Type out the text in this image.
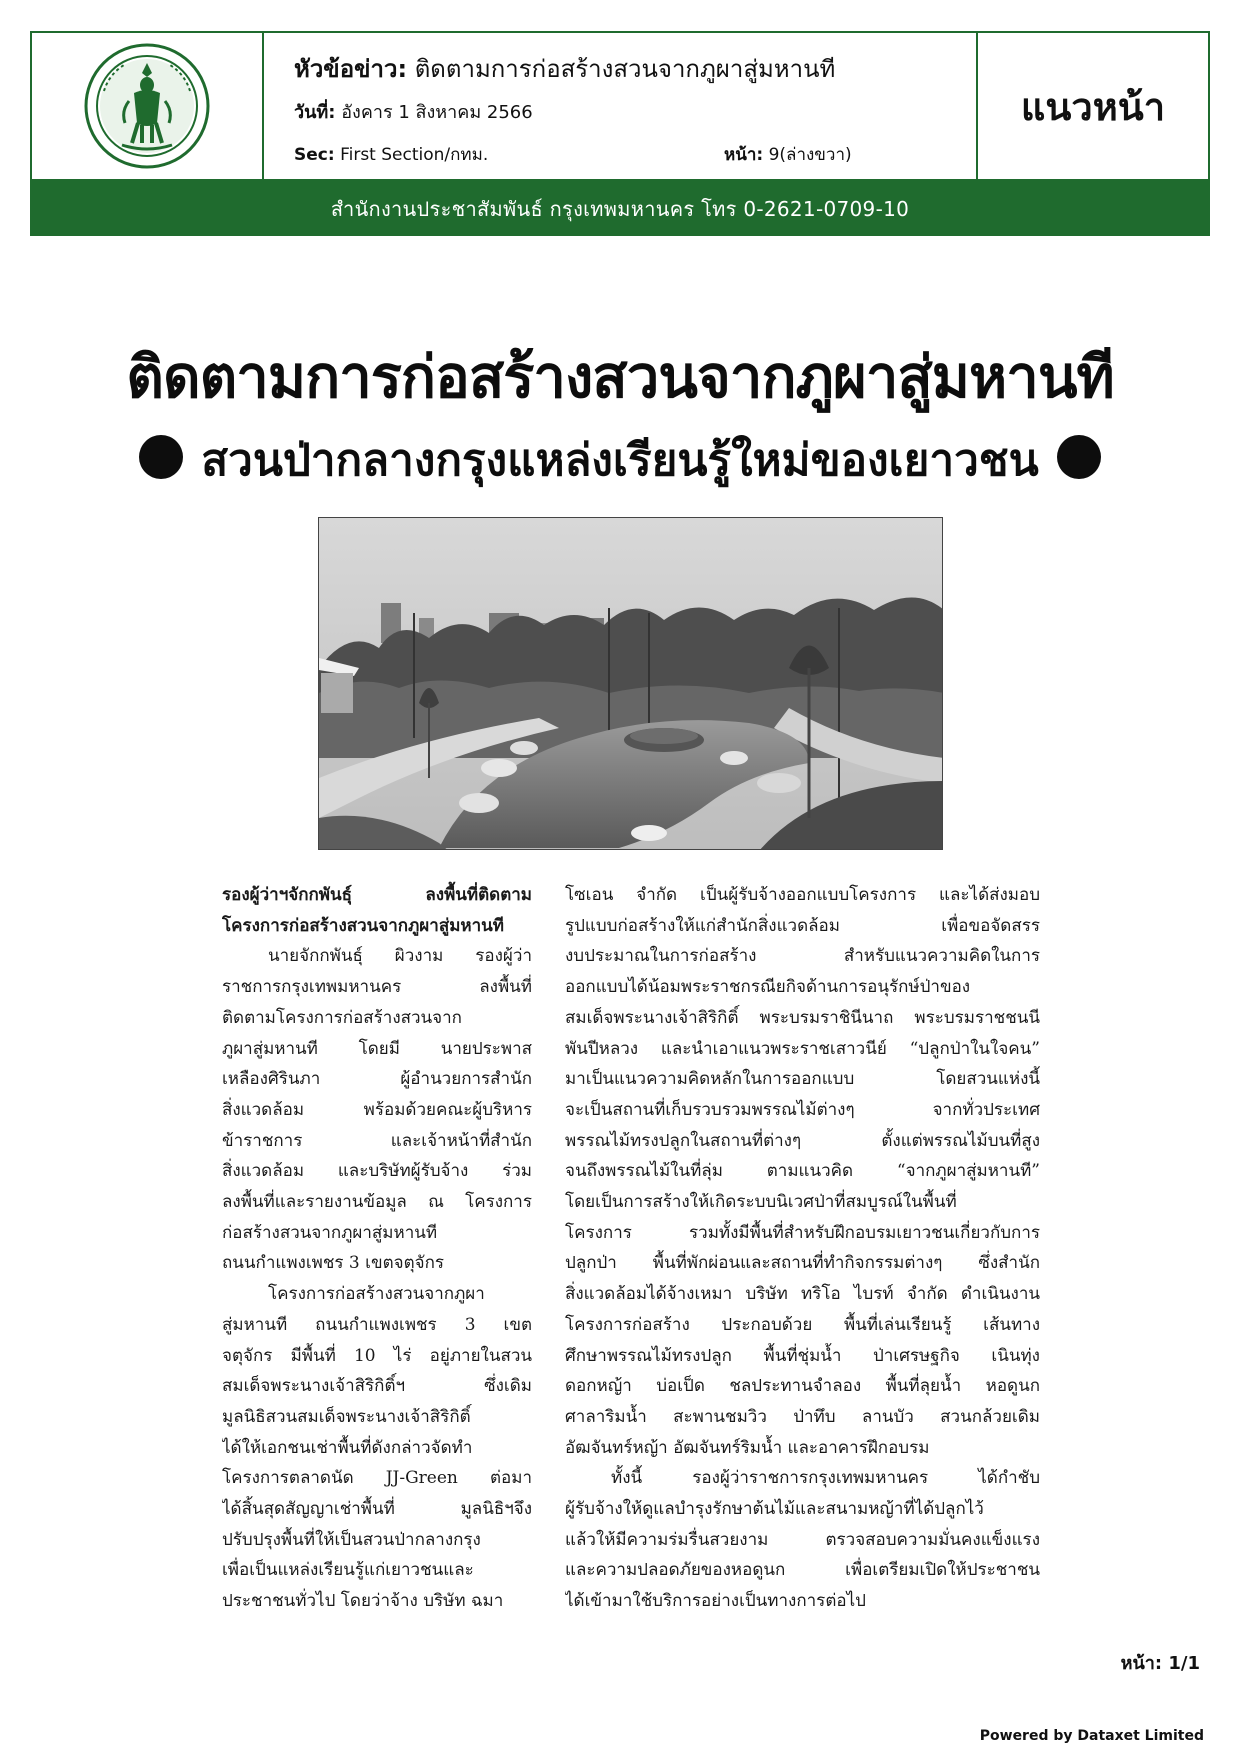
หัวข้อข่าว: ติดตามการก่อสร้างสวนจากภูผาสู่มหานที
วันที่: อังคาร 1 สิงหาคม 2566
Sec: First Section/กทม.	หน้า: 9(ล่างขวา)
แนวหน้า
สำนักงานประชาสัมพันธ์ กรุงเทพมหานคร โทร 0-2621-0709-10
ติดตามการก่อสร้างสวนจากภูผาสู่มหานที
สวนป่ากลางกรุงแหล่งเรียนรู้ใหม่ของเยาวชน
รองผู้ว่าฯจักกพันธุ์ ลงพื้นที่ติดตาม
โครงการก่อสร้างสวนจากภูผาสู่มหานที
นายจักกพันธุ์ ผิวงาม รองผู้ว่า
ราชการกรุงเทพมหานคร ลงพื้นที่
ติดตามโครงการก่อสร้างสวนจาก
ภูผาสู่มหานที โดยมี นายประพาส
เหลืองศิรินภา ผู้อำนวยการสำนัก
สิ่งแวดล้อม พร้อมด้วยคณะผู้บริหาร
ข้าราชการ และเจ้าหน้าที่สำนัก
สิ่งแวดล้อม และบริษัทผู้รับจ้าง ร่วม
ลงพื้นที่และรายงานข้อมูล ณ โครงการ
ก่อสร้างสวนจากภูผาสู่มหานที
ถนนกำแพงเพชร 3 เขตจตุจักร
โครงการก่อสร้างสวนจากภูผา
สู่มหานที ถนนกำแพงเพชร 3 เขต
จตุจักร มีพื้นที่ 10 ไร่ อยู่ภายในสวน
สมเด็จพระนางเจ้าสิริกิติ์ฯ ซึ่งเดิม
มูลนิธิสวนสมเด็จพระนางเจ้าสิริกิติ์
ได้ให้เอกชนเช่าพื้นที่ดังกล่าวจัดทำ
โครงการตลาดนัด JJ-Green ต่อมา
ได้สิ้นสุดสัญญาเช่าพื้นที่ มูลนิธิฯจึง
ปรับปรุงพื้นที่ให้เป็นสวนป่ากลางกรุง
เพื่อเป็นแหล่งเรียนรู้แก่เยาวชนและ
ประชาชนทั่วไป โดยว่าจ้าง บริษัท ฉมา
โซเอน จำกัด เป็นผู้รับจ้างออกแบบโครงการ และได้ส่งมอบ
รูปแบบก่อสร้างให้แก่สำนักสิ่งแวดล้อม เพื่อขอจัดสรร
งบประมาณในการก่อสร้าง สำหรับแนวความคิดในการ
ออกแบบได้น้อมพระราชกรณียกิจด้านการอนุรักษ์ป่าของ
สมเด็จพระนางเจ้าสิริกิติ์ พระบรมราชินีนาถ พระบรมราชชนนี
พันปีหลวง และนำเอาแนวพระราชเสาวนีย์ “ปลูกป่าในใจคน”
มาเป็นแนวความคิดหลักในการออกแบบ โดยสวนแห่งนี้
จะเป็นสถานที่เก็บรวบรวมพรรณไม้ต่างๆ จากทั่วประเทศ
พรรณไม้ทรงปลูกในสถานที่ต่างๆ ตั้งแต่พรรณไม้บนที่สูง
จนถึงพรรณไม้ในที่ลุ่ม ตามแนวคิด “จากภูผาสู่มหานที”
โดยเป็นการสร้างให้เกิดระบบนิเวศป่าที่สมบูรณ์ในพื้นที่
โครงการ รวมทั้งมีพื้นที่สำหรับฝึกอบรมเยาวชนเกี่ยวกับการ
ปลูกป่า พื้นที่พักผ่อนและสถานที่ทำกิจกรรมต่างๆ ซึ่งสำนัก
สิ่งแวดล้อมได้จ้างเหมา บริษัท ทริโอ ไบรท์ จำกัด ดำเนินงาน
โครงการก่อสร้าง ประกอบด้วย พื้นที่เล่นเรียนรู้ เส้นทาง
ศึกษาพรรณไม้ทรงปลูก พื้นที่ชุ่มน้ำ ป่าเศรษฐกิจ เนินทุ่ง
ดอกหญ้า บ่อเป็ด ชลประทานจำลอง พื้นที่ลุยน้ำ หอดูนก
ศาลาริมน้ำ สะพานชมวิว ป่าทึบ ลานบัว สวนกล้วยเดิม
อัฒจันทร์หญ้า อัฒจันทร์ริมน้ำ และอาคารฝึกอบรม
ทั้งนี้ รองผู้ว่าราชการกรุงเทพมหานคร ได้กำชับ
ผู้รับจ้างให้ดูแลบำรุงรักษาต้นไม้และสนามหญ้าที่ได้ปลูกไว้
แล้วให้มีความร่มรื่นสวยงาม ตรวจสอบความมั่นคงแข็งแรง
และความปลอดภัยของหอดูนก เพื่อเตรียมเปิดให้ประชาชน
ได้เข้ามาใช้บริการอย่างเป็นทางการต่อไป
หน้า: 1/1
Powered by Dataxet Limited
